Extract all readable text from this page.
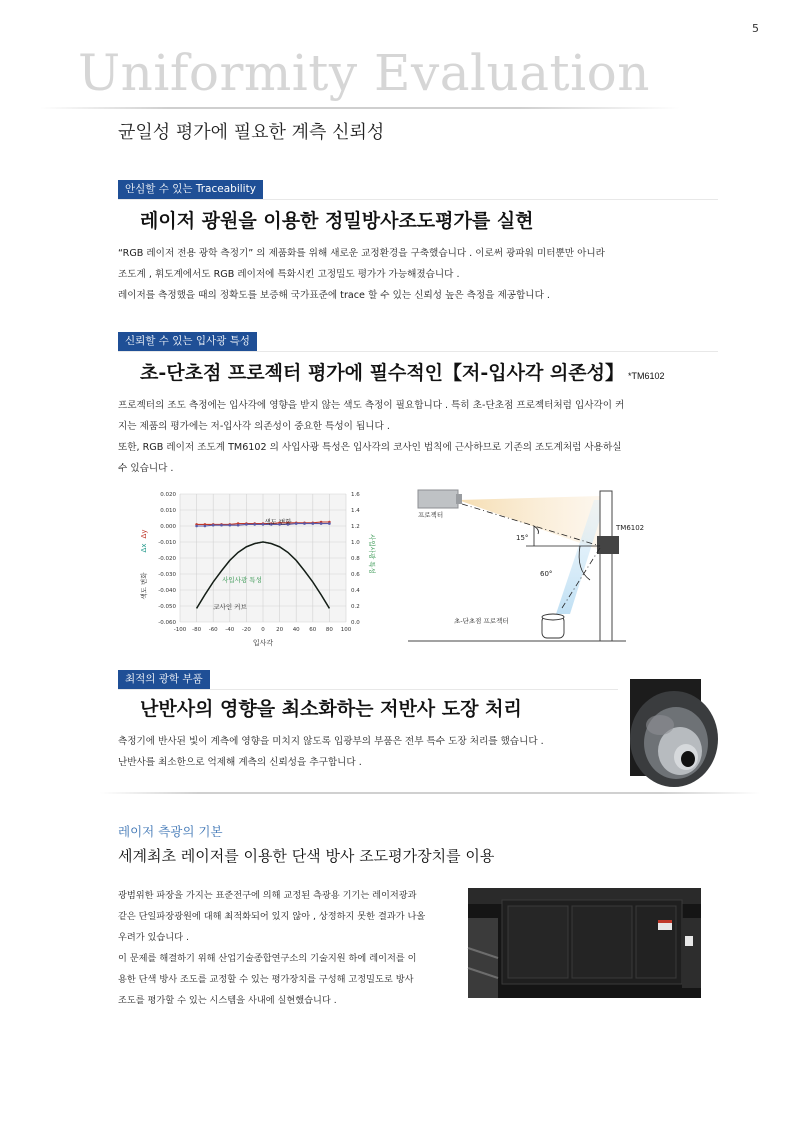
5
Uniformity Evaluation
균일성 평가에 필요한 계측 신뢰성
안심할 수 있는 Traceability
레이저 광원을 이용한 정밀방사조도평가를 실현
“RGB 레이저 전용 광학 측정기” 의 제품화를 위해 새로운 교정환경을 구축했습니다 . 이로써 광파워 미터뿐만 아니라
조도계 , 휘도계에서도 RGB 레이저에 특화시킨 고정밀도 평가가 가능해졌습니다 .
레이저를 측정했을 때의 정확도를 보증해 국가표준에 trace 할 수 있는 신뢰성 높은 측정을 제공합니다 .
신뢰할 수 있는 입사광 특성
초-단초점 프로젝터 평가에 필수적인【저-입사각 의존성】 *TM6102
프로젝터의 조도 측정에는 입사각에 영향을 받지 않는 색도 측정이 필요합니다 . 특히 초-단초점 프로젝터처럼 입사각이 커
지는 제품의 평가에는 저-입사각 의존성이 중요한 특성이 됩니다 .
또한, RGB 레이저 조도계 TM6102 의 사입사광 특성은 입사각의 코사인 법칙에 근사하므로 기존의 조도계처럼 사용하실
수 있습니다 .
0.020
0.010
0.000
-0.010
-0.020
-0.030
-0.040
-0.050
-0.060
1.6
1.4
1.2
1.0
0.8
0.6
0.4
0.2
0.0
-100 -80 -60 -40 -20 0 20 40 60 80 100
색도 변화
사입사광 특성
코사인 커브
입사각
색도 변화
Δy
Δx	사입사광 특성
프로젝터
TM6102
15°
60°
초-단초점 프로젝터
최적의 광학 부품
난반사의 영향을 최소화하는 저반사 도장 처리
측정기에 반사된 빛이 계측에 영향을 미치지 않도록 입광부의 부품은 전부 특수 도장 처리를 했습니다 .
난반사를 최소한으로 억제해 계측의 신뢰성을 추구합니다 .
레이저 측광의 기본
세계최초 레이저를 이용한 단색 방사 조도평가장치를 이용
광범위한 파장을 가지는 표준전구에 의해 교정된 측광용 기기는 레이저광과
같은 단일파장광원에 대해 최적화되어 있지 않아 , 상정하지 못한 결과가 나올
우려가 있습니다 .
이 문제를 해결하기 위해 산업기술종합연구소의 기술지원 하에 레이저를 이
용한 단색 방사 조도를 교정할 수 있는 평가장치를 구성해 고정밀도로 방사
조도를 평가할 수 있는 시스템을 사내에 실현했습니다 .
